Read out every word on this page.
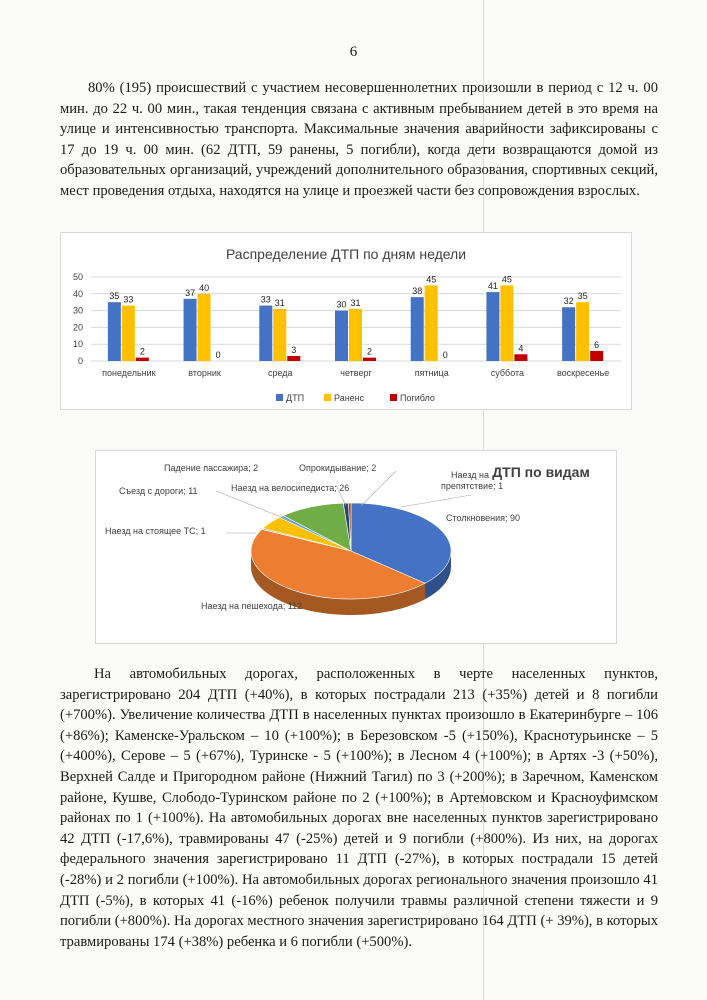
6

80% (195) происшествий с участием несовершеннолетних произошли в период с 12 ч. 00 мин. до 22 ч. 00 мин., такая тенденция связана с активным пребыванием детей в это время на улице и интенсивностью транспорта. Максимальные значения аварийности зафиксированы с 17 до 19 ч. 00 мин. (62 ДТП, 59 ранены, 5 погибли), когда дети возвращаются домой из образовательных организаций, учреждений дополнительного образования, спортивных секций, мест проведения отдыха, находятся на улице и проезжей части без сопровождения взрослых.

0
10
20
30
40
50
понедельник
35 33
2
вторник
37
40
0
среда
33 31
3
четверг
30 31
2
пятница
38
45
0
суббота
41
45
4
воскресенье
32
35
6
Распределение ДТП по дням недели
ДТП	Раненс	Погибло
Столкновения; 90
Наезд на пешехода; 112
Наезд на стоящее ТС; 1
Съезд с дороги; 11
Падение пассажира; 2
Наезд на велосипедиста; 26
Опрокидывание; 2
Наезд на
препятствие; 1
ДТП по видам

На автомобильных дорогах, расположенных в черте населенных пунктов, зарегистрировано 204 ДТП (+40%), в которых пострадали 213 (+35%) детей и 8 погибли (+700%). Увеличение количества ДТП в населенных пунктах произошло в Екатеринбурге – 106 (+86%); Каменске-Уральском – 10 (+100%); в Березовском -5 (+150%), Краснотурьинске – 5 (+400%), Серове – 5 (+67%), Туринске - 5 (+100%); в Лесном 4 (+100%); в Артях -3 (+50%), Верхней Салде и Пригородном районе (Нижний Тагил) по 3 (+200%); в Заречном, Каменском районе, Кушве, Слободо-Туринском районе по 2 (+100%); в Артемовском и Красноуфимском районах по 1 (+100%). На автомобильных дорогах вне населенных пунктов зарегистрировано 42 ДТП (-17,6%), травмированы 47 (-25%) детей и 9 погибли (+800%). Из них, на дорогах федерального значения зарегистрировано 11 ДТП (-27%), в которых пострадали 15 детей (-28%) и 2 погибли (+100%). На автомобильных дорогах регионального значения произошло 41 ДТП (-5%), в которых 41 (-16%) ребенок получили травмы различной степени тяжести и 9 погибли (+800%). На дорогах местного значения зарегистрировано 164 ДТП (+ 39%), в которых травмированы 174 (+38%) ребенка и 6 погибли (+500%).
